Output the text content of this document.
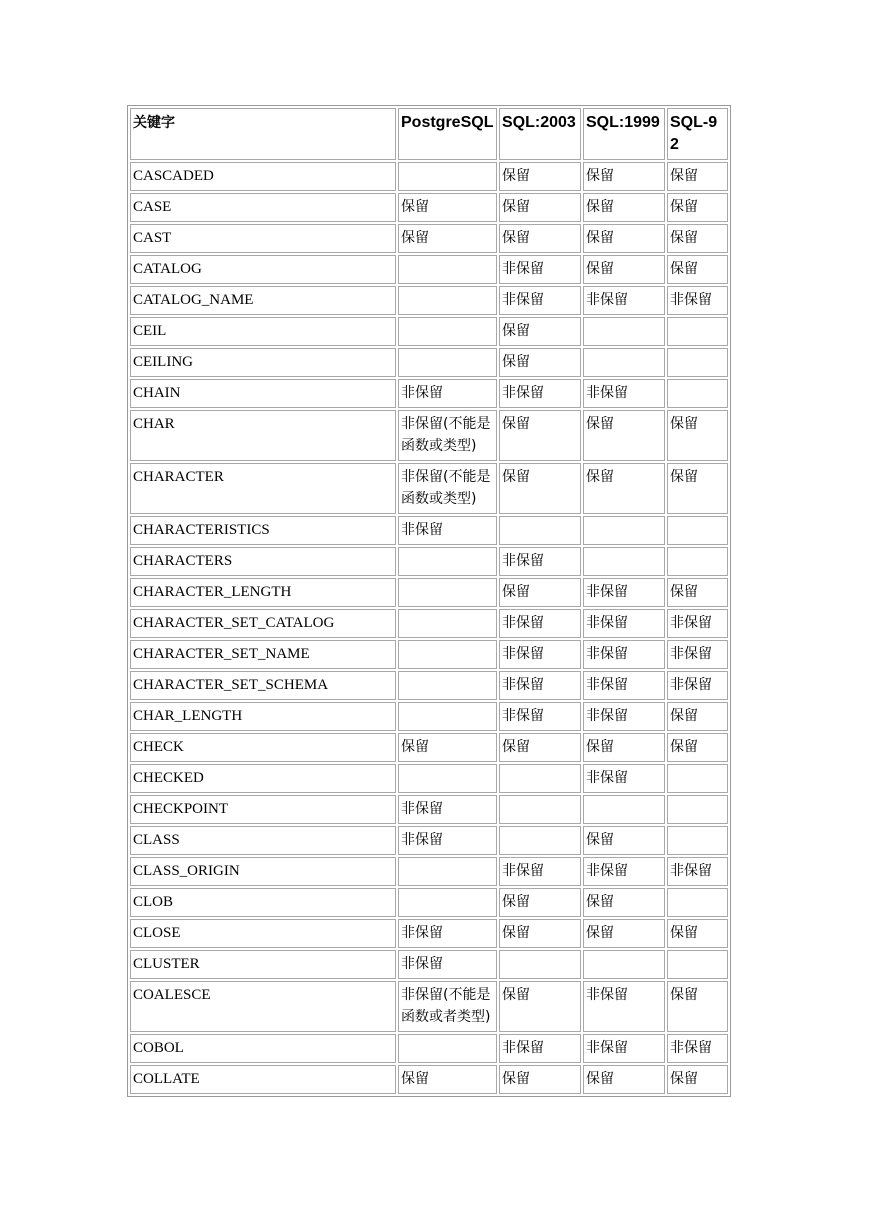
关键字	PostgreSQL	SQL:2003	SQL:1999	SQL-92
CASCADED		保留	保留	保留
CASE	保留	保留	保留	保留
CAST	保留	保留	保留	保留
CATALOG		非保留	保留	保留
CATALOG_NAME		非保留	非保留	非保留
CEIL		保留		
CEILING		保留		
CHAIN	非保留	非保留	非保留	
CHAR	非保留(不能是函数或类型)	保留	保留	保留
CHARACTER	非保留(不能是函数或类型)	保留	保留	保留
CHARACTERISTICS	非保留			
CHARACTERS		非保留		
CHARACTER_LENGTH		保留	非保留	保留
CHARACTER_SET_CATALOG		非保留	非保留	非保留
CHARACTER_SET_NAME		非保留	非保留	非保留
CHARACTER_SET_SCHEMA		非保留	非保留	非保留
CHAR_LENGTH		非保留	非保留	保留
CHECK	保留	保留	保留	保留
CHECKED			非保留	
CHECKPOINT	非保留			
CLASS	非保留		保留	
CLASS_ORIGIN		非保留	非保留	非保留
CLOB		保留	保留	
CLOSE	非保留	保留	保留	保留
CLUSTER	非保留			
COALESCE	非保留(不能是函数或者类型)	保留	非保留	保留
COBOL		非保留	非保留	非保留
COLLATE	保留	保留	保留	保留
